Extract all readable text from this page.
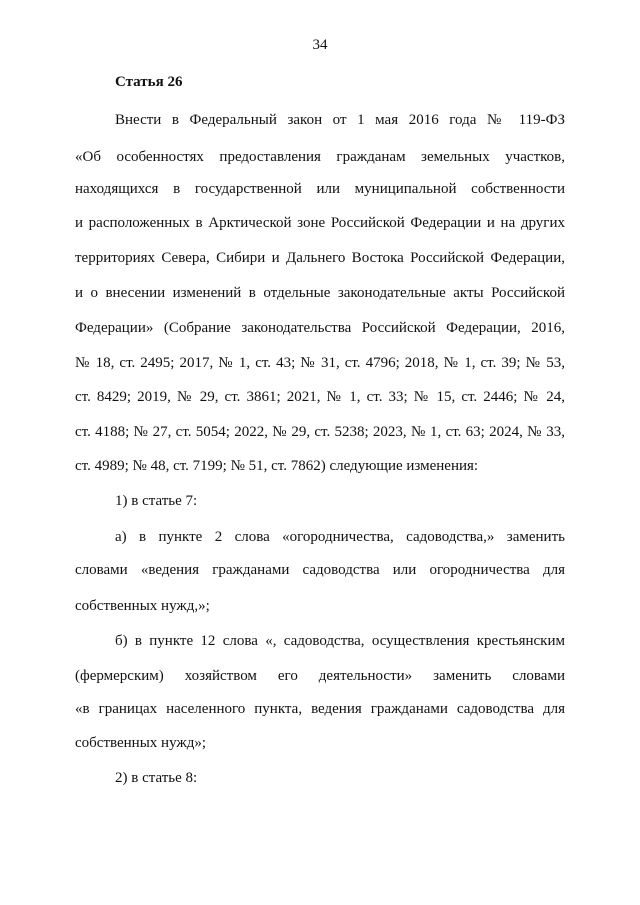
34
Статья 26
Внести в Федеральный закон от 1 мая 2016 года № 119-ФЗ
«Об особенностях предоставления гражданам земельных участков,
находящихся в государственной или муниципальной собственности
и расположенных в Арктической зоне Российской Федерации и на других
территориях Севера, Сибири и Дальнего Востока Российской Федерации,
и о внесении изменений в отдельные законодательные акты Российской
Федерации» (Собрание законодательства Российской Федерации, 2016,
№ 18, ст. 2495; 2017, № 1, ст. 43; № 31, ст. 4796; 2018, № 1, ст. 39; № 53,
ст. 8429; 2019, № 29, ст. 3861; 2021, № 1, ст. 33; № 15, ст. 2446; № 24,
ст. 4188; № 27, ст. 5054; 2022, № 29, ст. 5238; 2023, № 1, ст. 63; 2024, № 33,
ст. 4989; № 48, ст. 7199; № 51, ст. 7862) следующие изменения:
1) в статье 7:
а) в пункте 2 слова «огородничества, садоводства,» заменить
словами «ведения гражданами садоводства или огородничества для
собственных нужд,»;
б) в пункте 12 слова «, садоводства, осуществления крестьянским
(фермерским) хозяйством его деятельности» заменить словами
«в границах населенного пункта, ведения гражданами садоводства для
собственных нужд»;
2) в статье 8:
